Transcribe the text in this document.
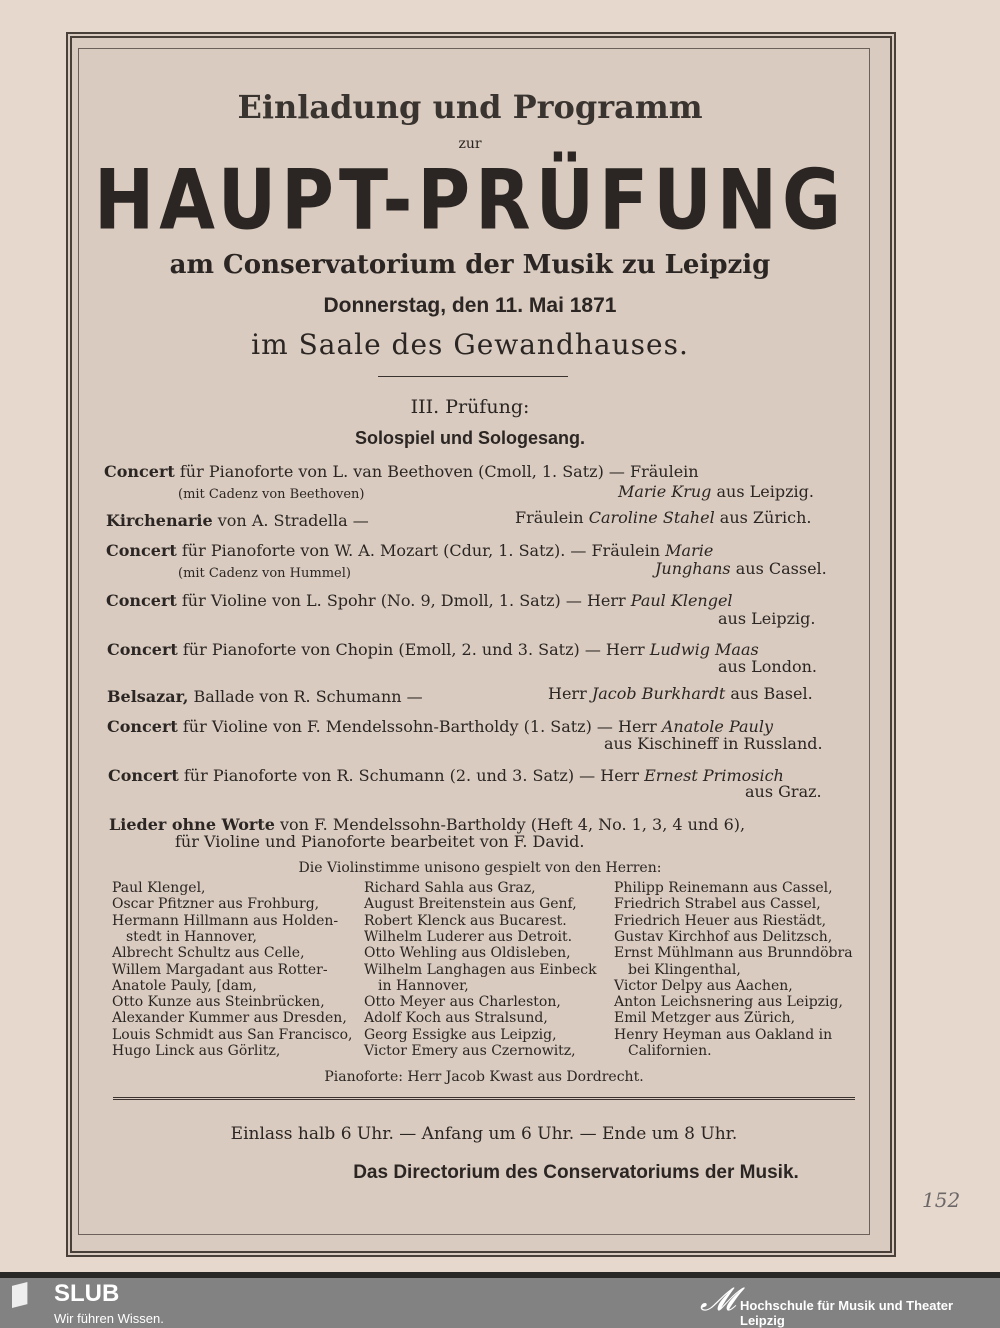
Einladung und Programm
zur
HAUPT-PRÜFUNG
am Conservatorium der Musik zu Leipzig
Donnerstag, den 11. Mai 1871
im Saale des Gewandhauses.
III. Prüfung:
Solospiel und Sologesang.
Concert für Pianoforte von L. van Beethoven (Cmoll, 1. Satz) — Fräulein
(mit Cadenz von Beethoven)	Marie Krug aus Leipzig.
Kirchenarie von A. Stradella —	Fräulein Caroline Stahel aus Zürich.
Concert für Pianoforte von W. A. Mozart (Cdur, 1. Satz). — Fräulein Marie
(mit Cadenz von Hummel)	Junghans aus Cassel.
Concert für Violine von L. Spohr (No. 9, Dmoll, 1. Satz) — Herr Paul Klengel
aus Leipzig.
Concert für Pianoforte von Chopin (Emoll, 2. und 3. Satz) — Herr Ludwig Maas
aus London.
Belsazar, Ballade von R. Schumann —	Herr Jacob Burkhardt aus Basel.
Concert für Violine von F. Mendelssohn-Bartholdy (1. Satz) — Herr Anatole Pauly
aus Kischineff in Russland.
Concert für Pianoforte von R. Schumann (2. und 3. Satz) — Herr Ernest Primosich
aus Graz.
Lieder ohne Worte von F. Mendelssohn-Bartholdy (Heft 4, No. 1, 3, 4 und 6),
für Violine und Pianoforte bearbeitet von F. David.
Die Violinstimme unisono gespielt von den Herren:
Paul Klengel,
Oscar Pfitzner aus Frohburg,
Hermann Hillmann aus Holden-
stedt in Hannover,
Albrecht Schultz aus Celle,
Willem Margadant aus Rotter-
Anatole Pauly, [dam,
Otto Kunze aus Steinbrücken,
Alexander Kummer aus Dresden,
Louis Schmidt aus San Francisco,
Hugo Linck aus Görlitz,
Richard Sahla aus Graz,
August Breitenstein aus Genf,
Robert Klenck aus Bucarest.
Wilhelm Luderer aus Detroit.
Otto Wehling aus Oldisleben,
Wilhelm Langhagen aus Einbeck
in Hannover,
Otto Meyer aus Charleston,
Adolf Koch aus Stralsund,
Georg Essigke aus Leipzig,
Victor Emery aus Czernowitz,
Philipp Reinemann aus Cassel,
Friedrich Strabel aus Cassel,
Friedrich Heuer aus Riestädt,
Gustav Kirchhof aus Delitzsch,
Ernst Mühlmann aus Brunndöbra
bei Klingenthal,
Victor Delpy aus Aachen,
Anton Leichsnering aus Leipzig,
Emil Metzger aus Zürich,
Henry Heyman aus Oakland in
Californien.
Pianoforte: Herr Jacob Kwast aus Dordrecht.
Einlass halb 6 Uhr. — Anfang um 6 Uhr. — Ende um 8 Uhr.
Das Directorium des Conservatoriums der Musik.
152
SLUB
Wir führen Wissen.
𝓜 Hochschule für Musik und Theater Leipzig
